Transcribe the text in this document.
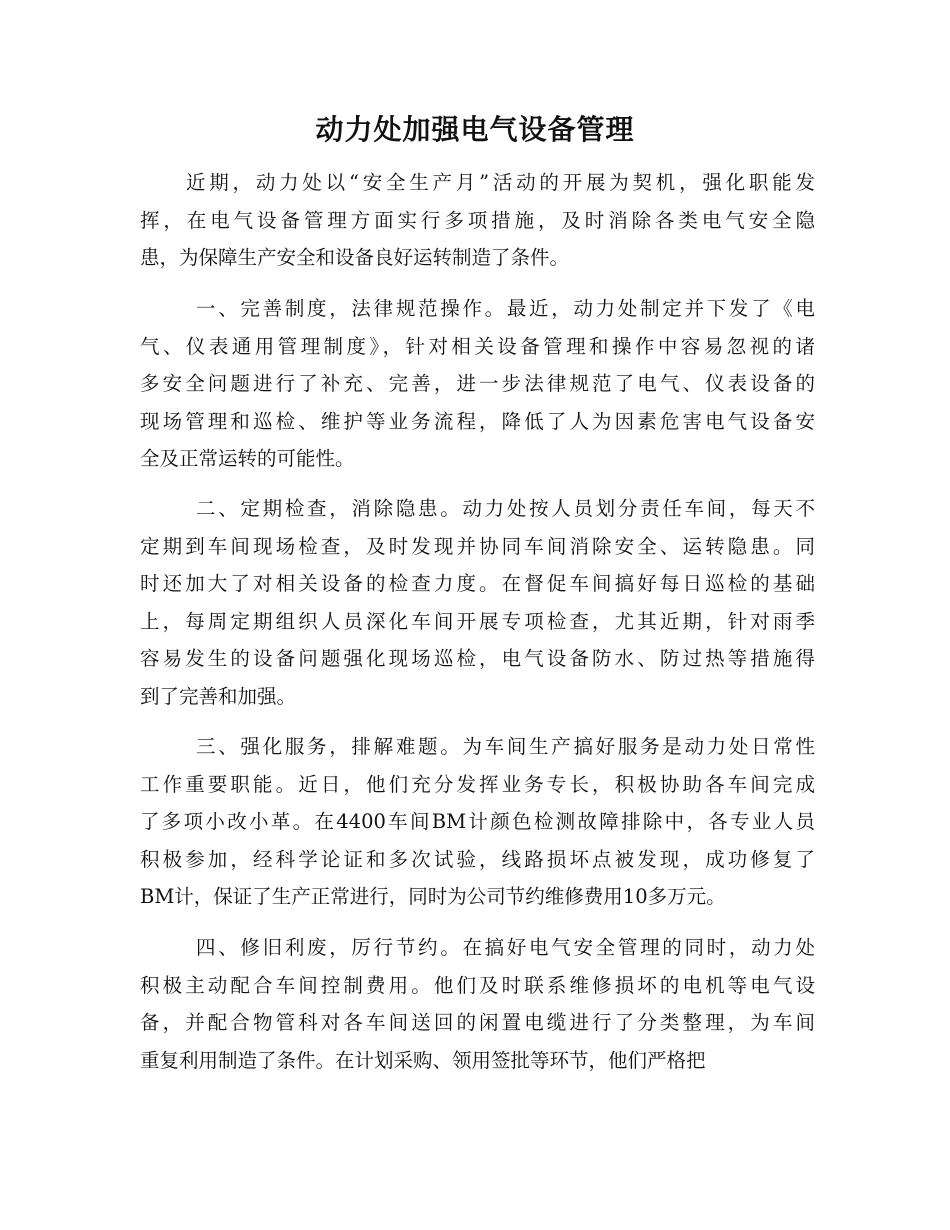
动力处加强电气设备管理
近期，动力处以“安全生产月”活动的开展为契机，强化职能发
挥，在电气设备管理方面实行多项措施，及时消除各类电气安全隐
患，为保障生产安全和设备良好运转制造了条件。
一、完善制度，法律规范操作。最近，动力处制定并下发了《电
气、仪表通用管理制度》，针对相关设备管理和操作中容易忽视的诸
多安全问题进行了补充、完善，进一步法律规范了电气、仪表设备的
现场管理和巡检、维护等业务流程，降低了人为因素危害电气设备安
全及正常运转的可能性。
二、定期检查，消除隐患。动力处按人员划分责任车间，每天不
定期到车间现场检查，及时发现并协同车间消除安全、运转隐患。同
时还加大了对相关设备的检查力度。在督促车间搞好每日巡检的基础
上，每周定期组织人员深化车间开展专项检查，尤其近期，针对雨季
容易发生的设备问题强化现场巡检，电气设备防水、防过热等措施得
到了完善和加强。
三、强化服务，排解难题。为车间生产搞好服务是动力处日常性
工作重要职能。近日，他们充分发挥业务专长，积极协助各车间完成
了多项小改小革。在4400车间BM计颜色检测故障排除中，各专业人员
积极参加，经科学论证和多次试验，线路损坏点被发现，成功修复了
BM计，保证了生产正常进行，同时为公司节约维修费用10多万元。
四、修旧利废，厉行节约。在搞好电气安全管理的同时，动力处
积极主动配合车间控制费用。他们及时联系维修损坏的电机等电气设
备，并配合物管科对各车间送回的闲置电缆进行了分类整理，为车间
重复利用制造了条件。在计划采购、领用签批等环节，他们严格把
